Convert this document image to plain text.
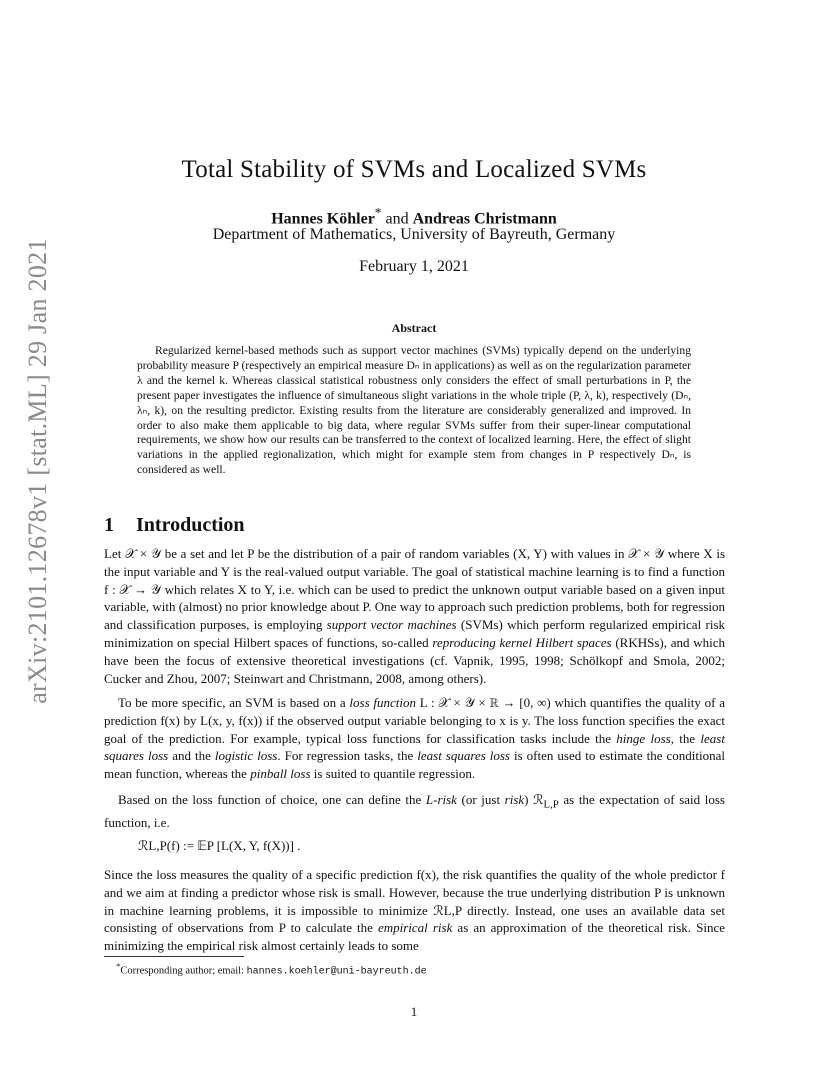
arXiv:2101.12678v1 [stat.ML] 29 Jan 2021
Total Stability of SVMs and Localized SVMs
Hannes Köhler* and Andreas Christmann
Department of Mathematics, University of Bayreuth, Germany
February 1, 2021
Abstract
Regularized kernel-based methods such as support vector machines (SVMs) typically depend on the underlying probability measure P (respectively an empirical measure Dₙ in applications) as well as on the regularization parameter λ and the kernel k. Whereas classical statistical robustness only considers the effect of small perturbations in P, the present paper investigates the influence of simultaneous slight variations in the whole triple (P, λ, k), respectively (Dₙ, λₙ, k), on the resulting predictor. Existing results from the literature are considerably generalized and improved. In order to also make them applicable to big data, where regular SVMs suffer from their super-linear computational requirements, we show how our results can be transferred to the context of localized learning. Here, the effect of slight variations in the applied regionalization, which might for example stem from changes in P respectively Dₙ, is considered as well.
1 Introduction
Let 𝒳 × 𝒴 be a set and let P be the distribution of a pair of random variables (X, Y) with values in 𝒳 × 𝒴 where X is the input variable and Y is the real-valued output variable. The goal of statistical machine learning is to find a function f : 𝒳 → 𝒴 which relates X to Y, i.e. which can be used to predict the unknown output variable based on a given input variable, with (almost) no prior knowledge about P. One way to approach such prediction problems, both for regression and classification purposes, is employing support vector machines (SVMs) which perform regularized empirical risk minimization on special Hilbert spaces of functions, so-called reproducing kernel Hilbert spaces (RKHSs), and which have been the focus of extensive theoretical investigations (cf. Vapnik, 1995, 1998; Schölkopf and Smola, 2002; Cucker and Zhou, 2007; Steinwart and Christmann, 2008, among others).
To be more specific, an SVM is based on a loss function L : 𝒳 × 𝒴 × ℝ → [0, ∞) which quantifies the quality of a prediction f(x) by L(x, y, f(x)) if the observed output variable belonging to x is y. The loss function specifies the exact goal of the prediction. For example, typical loss functions for classification tasks include the hinge loss, the least squares loss and the logistic loss. For regression tasks, the least squares loss is often used to estimate the conditional mean function, whereas the pinball loss is suited to quantile regression.
Based on the loss function of choice, one can define the L-risk (or just risk) ℛ$_{L,P}$ as the expectation of said loss function, i.e.
ℛL,P(f) := 𝔼P [L(X, Y, f(X))] .
Since the loss measures the quality of a specific prediction f(x), the risk quantifies the quality of the whole predictor f and we aim at finding a predictor whose risk is small. However, because the true underlying distribution P is unknown in machine learning problems, it is impossible to minimize ℛL,P directly. Instead, one uses an available data set consisting of observations from P to calculate the empirical risk as an approximation of the theoretical risk. Since minimizing the empirical risk almost certainly leads to some
*Corresponding author; email: hannes.koehler@uni-bayreuth.de
1
